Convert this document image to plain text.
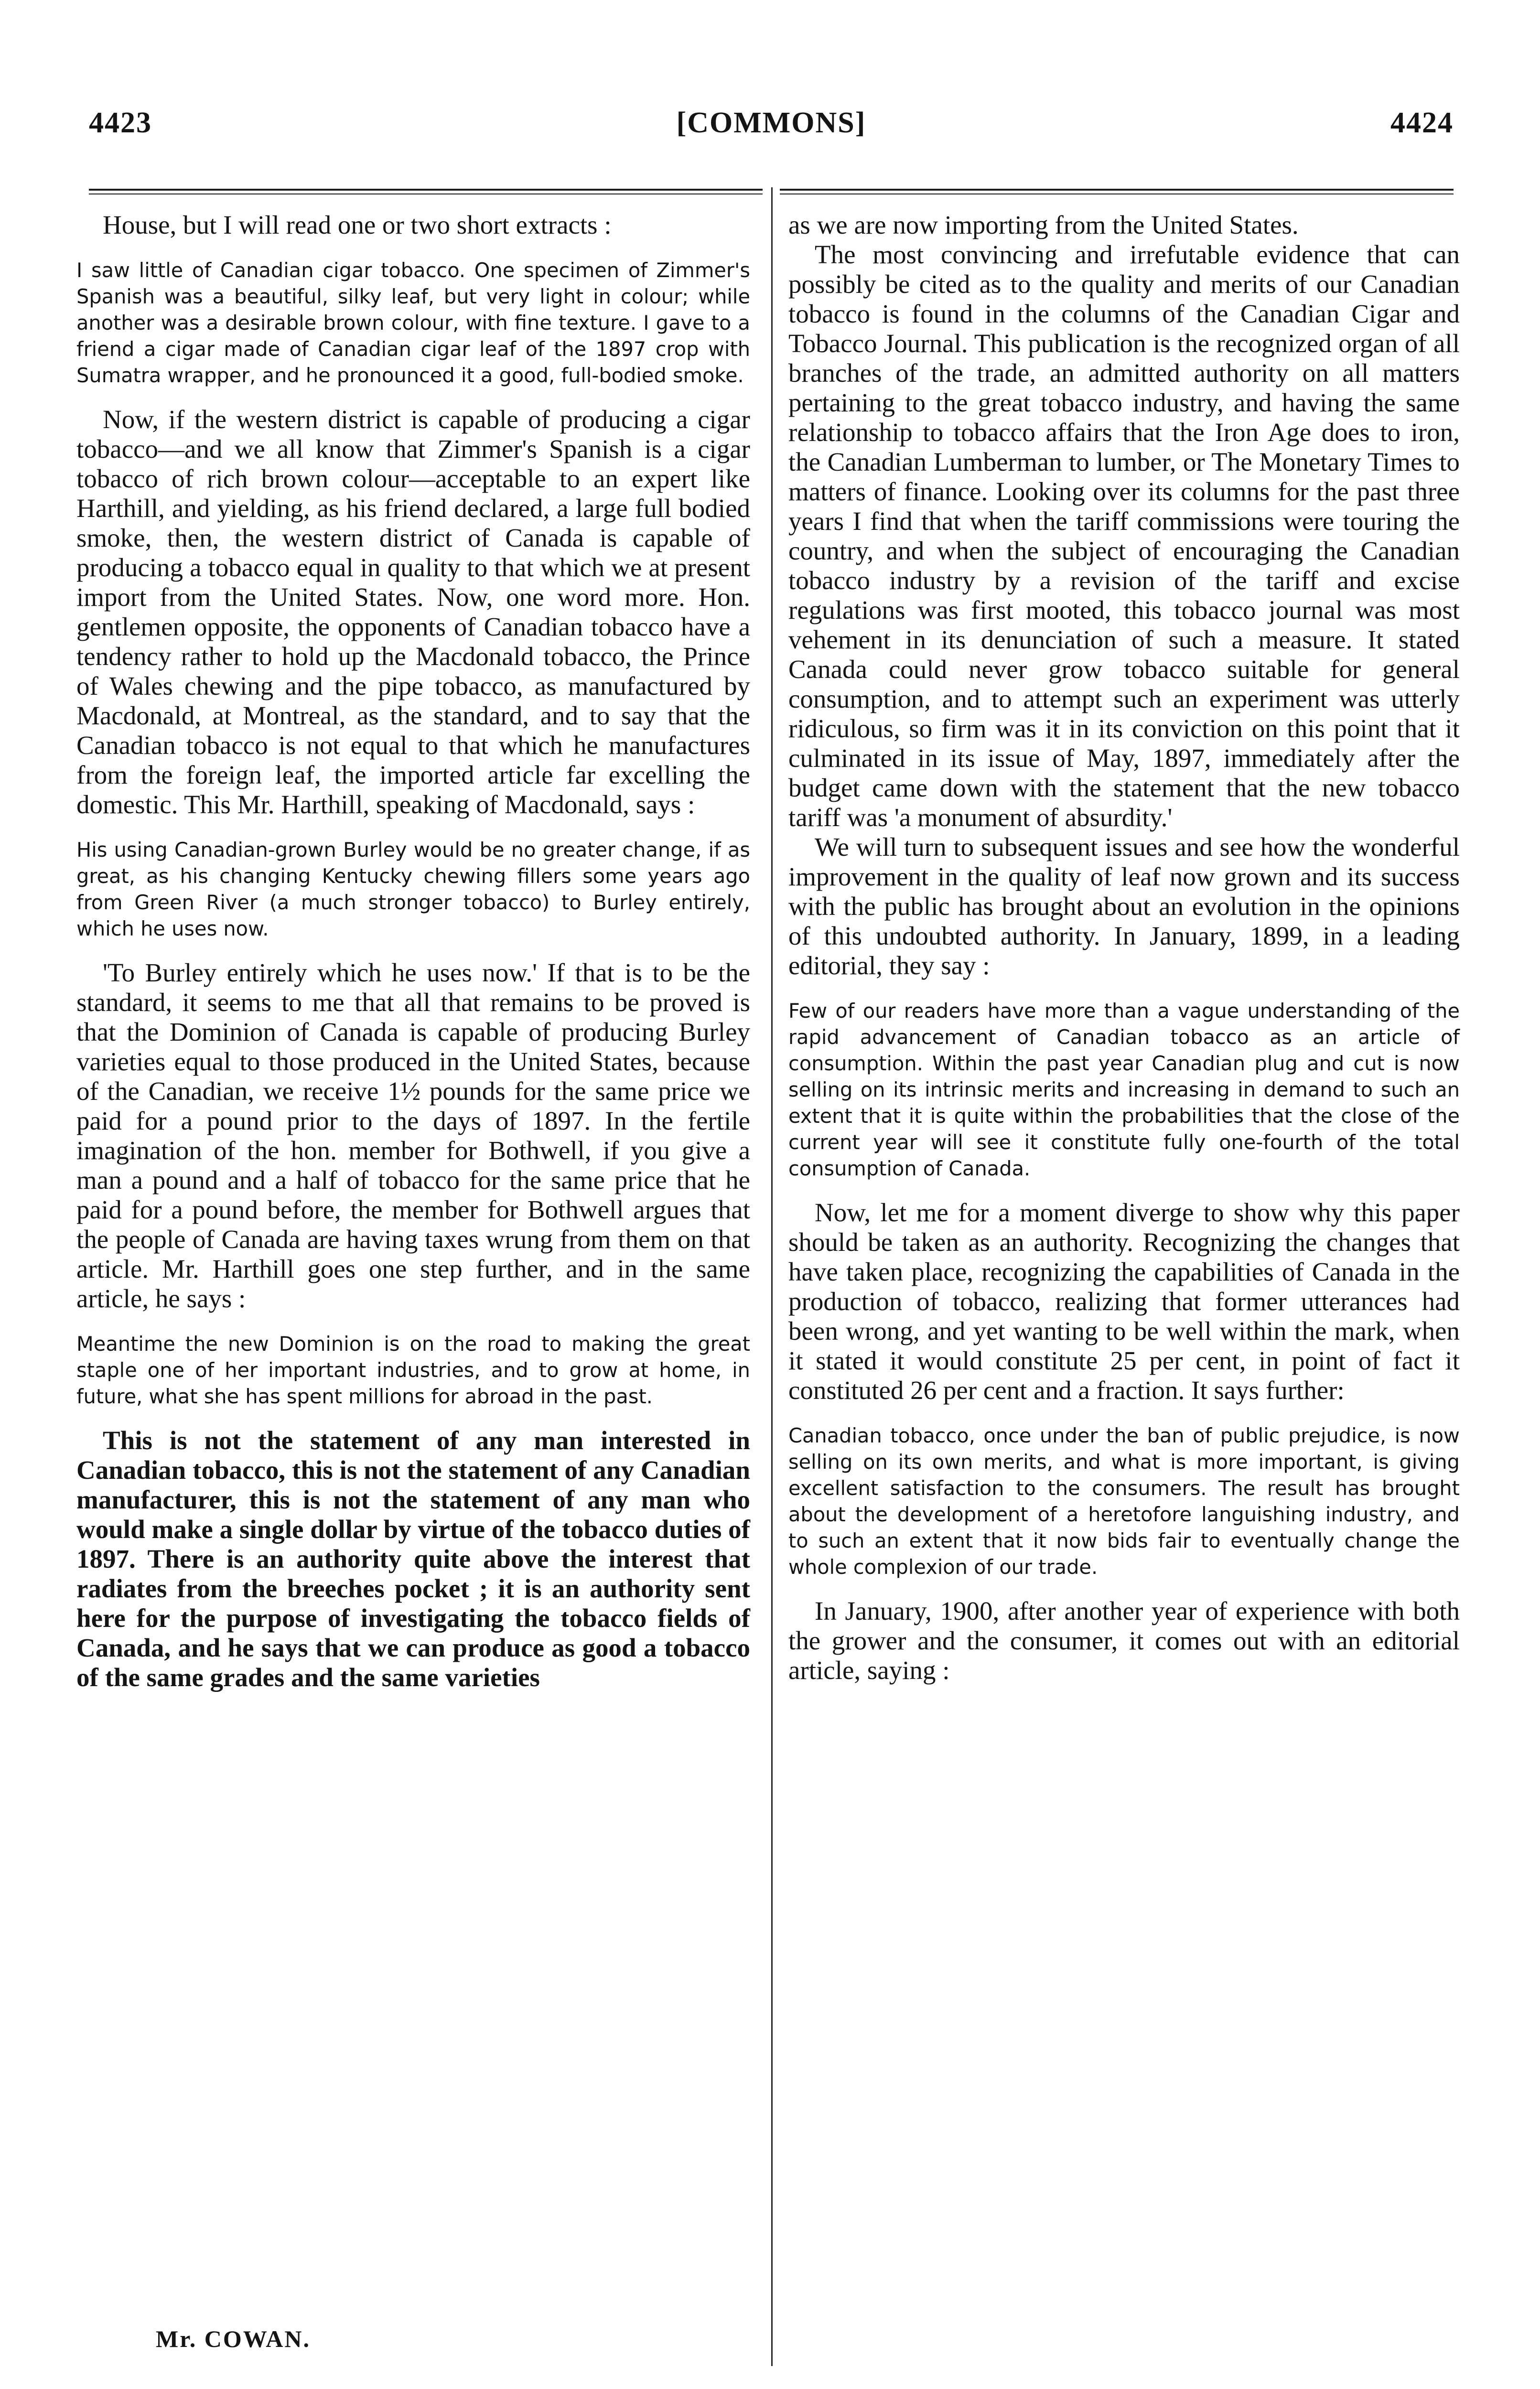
4423	[COMMONS]	4424

House, but I will read one or two short extracts :

I saw little of Canadian cigar tobacco. One specimen of Zimmer's Spanish was a beautiful, silky leaf, but very light in colour; while another was a desirable brown colour, with fine texture. I gave to a friend a cigar made of Canadian cigar leaf of the 1897 crop with Sumatra wrapper, and he pronounced it a good, full-bodied smoke.

Now, if the western district is capable of producing a cigar tobacco—and we all know that Zimmer's Spanish is a cigar tobacco of rich brown colour—acceptable to an expert like Harthill, and yielding, as his friend declared, a large full bodied smoke, then, the western district of Canada is capable of producing a tobacco equal in quality to that which we at present import from the United States. Now, one word more. Hon. gentlemen opposite, the opponents of Canadian tobacco have a tendency rather to hold up the Macdonald tobacco, the Prince of Wales chewing and the pipe tobacco, as manufactured by Macdonald, at Montreal, as the standard, and to say that the Canadian tobacco is not equal to that which he manufactures from the foreign leaf, the imported article far excelling the domestic. This Mr. Harthill, speaking of Macdonald, says :

His using Canadian-grown Burley would be no greater change, if as great, as his changing Kentucky chewing fillers some years ago from Green River (a much stronger tobacco) to Burley entirely, which he uses now.

'To Burley entirely which he uses now.' If that is to be the standard, it seems to me that all that remains to be proved is that the Dominion of Canada is capable of producing Burley varieties equal to those produced in the United States, because of the Canadian, we receive 1½ pounds for the same price we paid for a pound prior to the days of 1897. In the fertile imagination of the hon. member for Bothwell, if you give a man a pound and a half of tobacco for the same price that he paid for a pound before, the member for Bothwell argues that the people of Canada are having taxes wrung from them on that article. Mr. Harthill goes one step further, and in the same article, he says :

Meantime the new Dominion is on the road to making the great staple one of her important industries, and to grow at home, in future, what she has spent millions for abroad in the past.

This is not the statement of any man interested in Canadian tobacco, this is not the statement of any Canadian manufacturer, this is not the statement of any man who would make a single dollar by virtue of the tobacco duties of 1897. There is an authority quite above the interest that radiates from the breeches pocket ; it is an authority sent here for the purpose of investigating the tobacco fields of Canada, and he says that we can produce as good a tobacco of the same grades and the same varieties

as we are now importing from the United States.

The most convincing and irrefutable evidence that can possibly be cited as to the quality and merits of our Canadian tobacco is found in the columns of the Canadian Cigar and Tobacco Journal. This publication is the recognized organ of all branches of the trade, an admitted authority on all matters pertaining to the great tobacco industry, and having the same relationship to tobacco affairs that the Iron Age does to iron, the Canadian Lumberman to lumber, or The Monetary Times to matters of finance. Looking over its columns for the past three years I find that when the tariff commissions were touring the country, and when the subject of encouraging the Canadian tobacco industry by a revision of the tariff and excise regulations was first mooted, this tobacco journal was most vehement in its denunciation of such a measure. It stated Canada could never grow tobacco suitable for general consumption, and to attempt such an experiment was utterly ridiculous, so firm was it in its conviction on this point that it culminated in its issue of May, 1897, immediately after the budget came down with the statement that the new tobacco tariff was 'a monument of absurdity.'

We will turn to subsequent issues and see how the wonderful improvement in the quality of leaf now grown and its success with the public has brought about an evolution in the opinions of this undoubted authority. In January, 1899, in a leading editorial, they say :

Few of our readers have more than a vague understanding of the rapid advancement of Canadian tobacco as an article of consumption. Within the past year Canadian plug and cut is now selling on its intrinsic merits and increasing in demand to such an extent that it is quite within the probabilities that the close of the current year will see it constitute fully one-fourth of the total consumption of Canada.

Now, let me for a moment diverge to show why this paper should be taken as an authority. Recognizing the changes that have taken place, recognizing the capabilities of Canada in the production of tobacco, realizing that former utterances had been wrong, and yet wanting to be well within the mark, when it stated it would constitute 25 per cent, in point of fact it constituted 26 per cent and a fraction. It says further:

Canadian tobacco, once under the ban of public prejudice, is now selling on its own merits, and what is more important, is giving excellent satisfaction to the consumers. The result has brought about the development of a heretofore languishing industry, and to such an extent that it now bids fair to eventually change the whole complexion of our trade.

In January, 1900, after another year of experience with both the grower and the consumer, it comes out with an editorial article, saying :

Mr. COWAN.
